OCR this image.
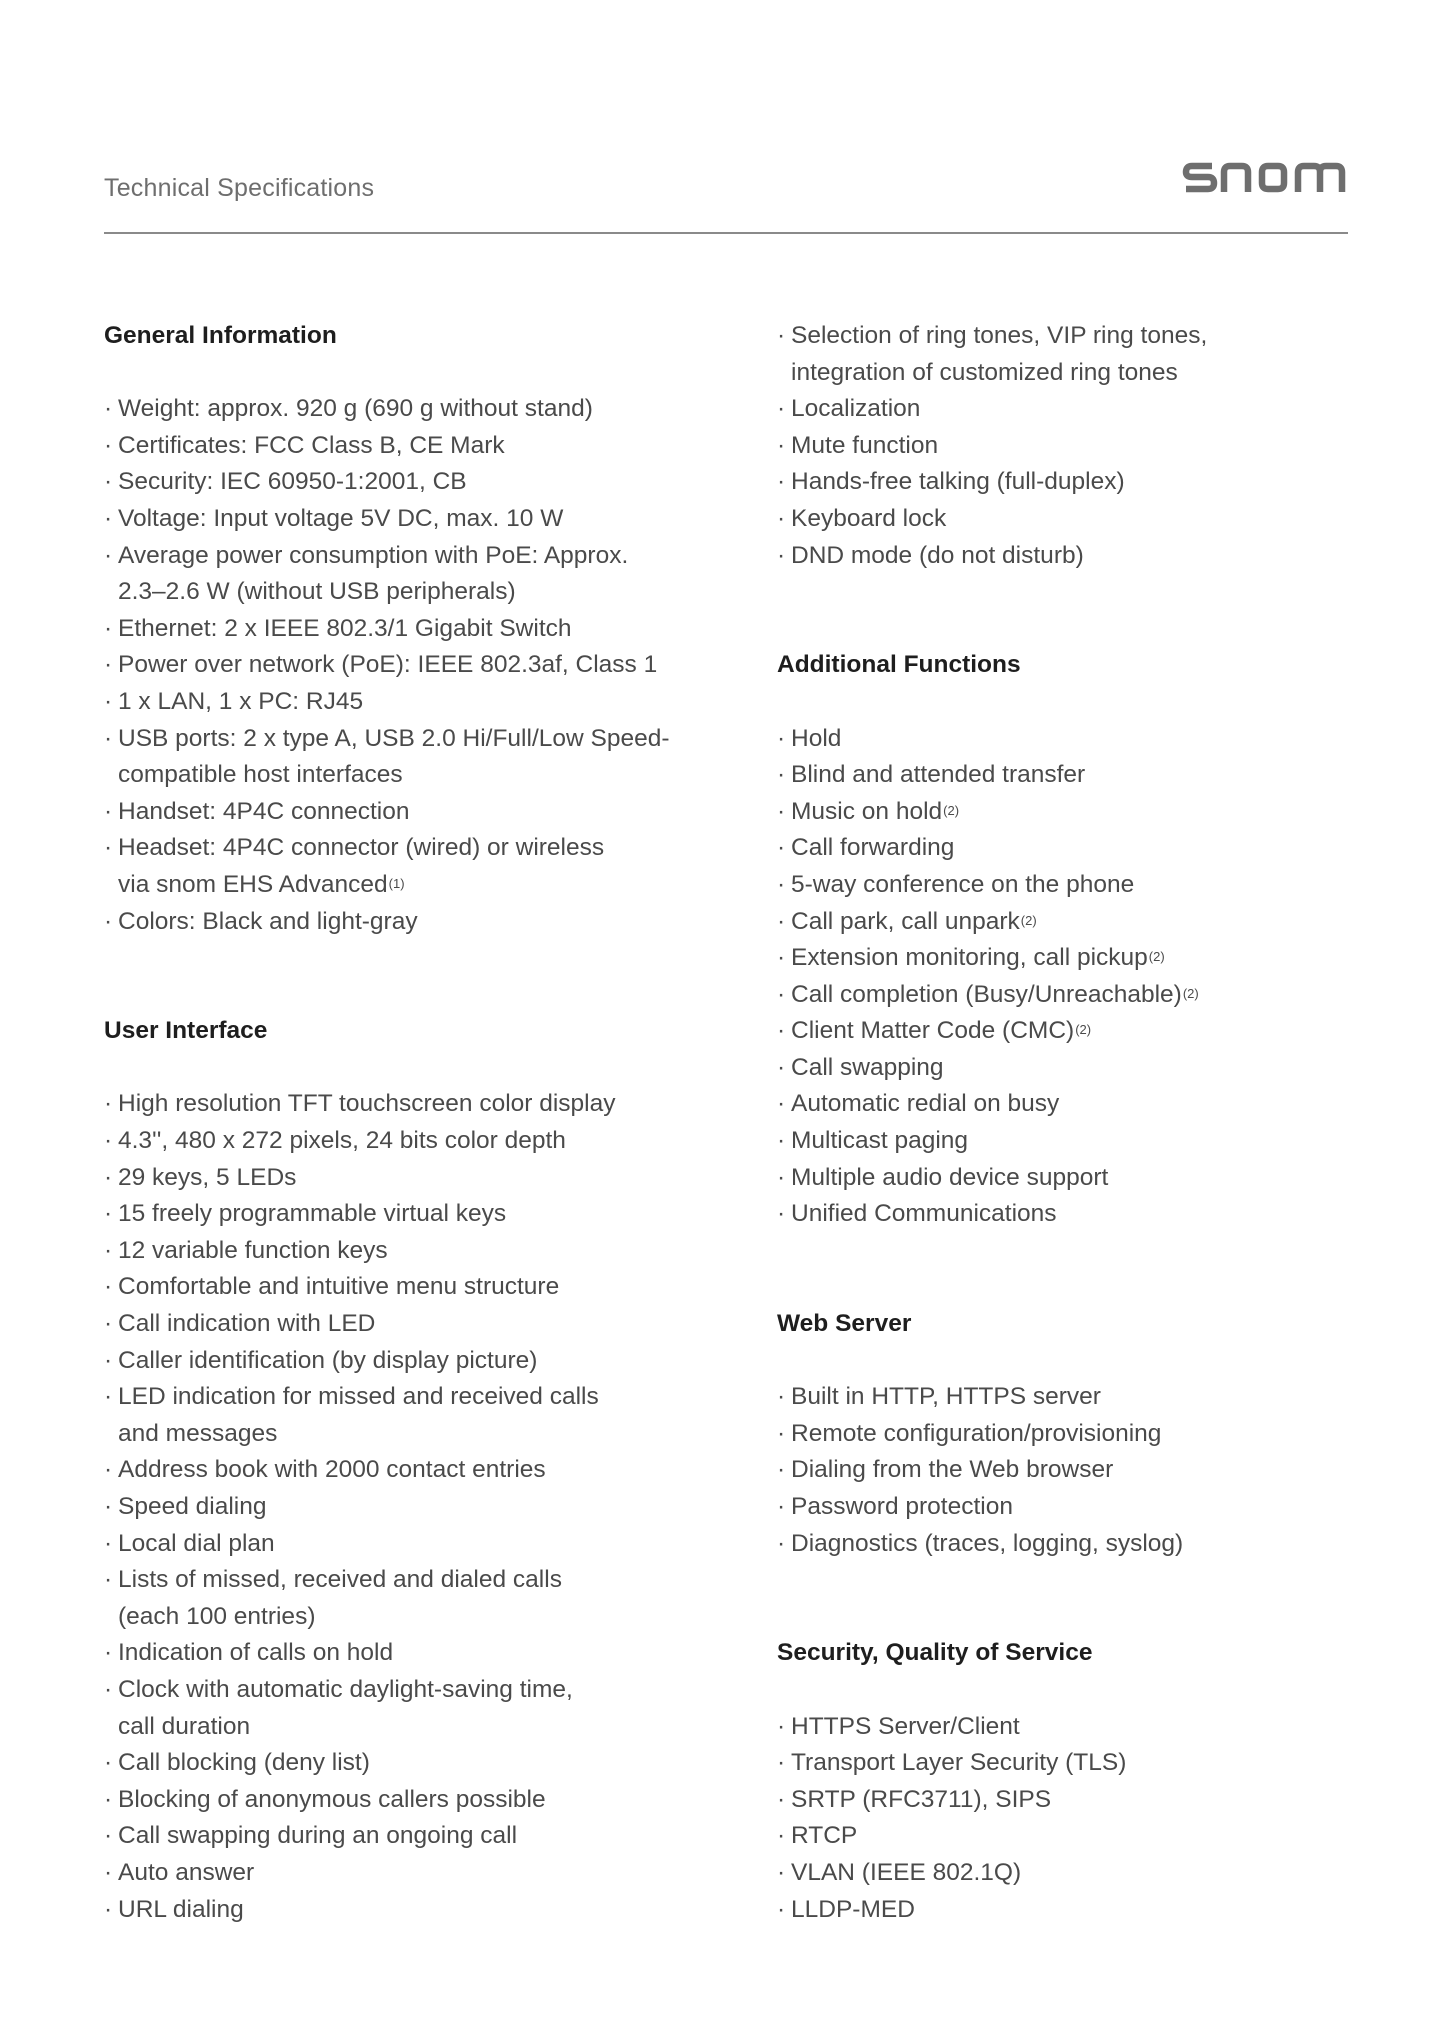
Technical Specifications
General Information
· Weight: approx. 920 g (690 g without stand)
· Certificates: FCC Class B, CE Mark
· Security: IEC 60950-1:2001, CB
· Voltage: Input voltage 5V DC, max. 10 W
· Average power consumption with PoE: Approx.
2.3–2.6 W (without USB peripherals)
· Ethernet: 2 x IEEE 802.3/1 Gigabit Switch
· Power over network (PoE): IEEE 802.3af, Class 1
· 1 x LAN, 1 x PC: RJ45
· USB ports: 2 x type A, USB 2.0 Hi/Full/Low Speed-
compatible host interfaces
· Handset: 4P4C connection
· Headset: 4P4C connector (wired) or wireless
via snom EHS Advanced$^{(1)}$
· Colors: Black and light-gray
User Interface
· High resolution TFT touchscreen color display
· 4.3'', 480 x 272 pixels, 24 bits color depth
· 29 keys, 5 LEDs
· 15 freely programmable virtual keys
· 12 variable function keys
· Comfortable and intuitive menu structure
· Call indication with LED
· Caller identification (by display picture)
· LED indication for missed and received calls
and messages
· Address book with 2000 contact entries
· Speed dialing
· Local dial plan
· Lists of missed, received and dialed calls
(each 100 entries)
· Indication of calls on hold
· Clock with automatic daylight-saving time,
call duration
· Call blocking (deny list)
· Blocking of anonymous callers possible
· Call swapping during an ongoing call
· Auto answer
· URL dialing
· Selection of ring tones, VIP ring tones,
integration of customized ring tones
· Localization
· Mute function
· Hands-free talking (full-duplex)
· Keyboard lock
· DND mode (do not disturb)
Additional Functions
· Hold
· Blind and attended transfer
· Music on hold$^{(2)}$
· Call forwarding
· 5-way conference on the phone
· Call park, call unpark$^{(2)}$
· Extension monitoring, call pickup$^{(2)}$
· Call completion (Busy/Unreachable)$^{(2)}$
· Client Matter Code (CMC)$^{(2)}$
· Call swapping
· Automatic redial on busy
· Multicast paging
· Multiple audio device support
· Unified Communications
Web Server
· Built in HTTP, HTTPS server
· Remote configuration/provisioning
· Dialing from the Web browser
· Password protection
· Diagnostics (traces, logging, syslog)
Security, Quality of Service
· HTTPS Server/Client
· Transport Layer Security (TLS)
· SRTP (RFC3711), SIPS
· RTCP
· VLAN (IEEE 802.1Q)
· LLDP-MED
